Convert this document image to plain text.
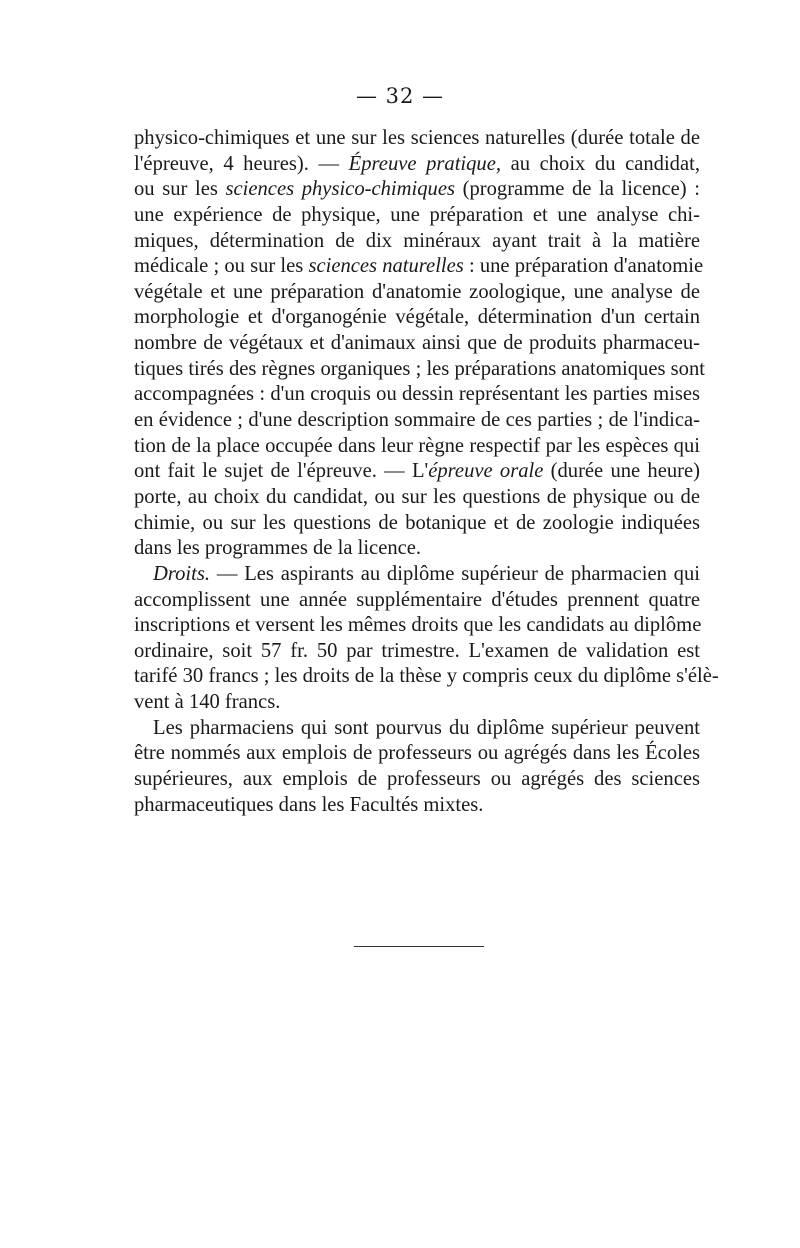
— 32 —
physico-chimiques et une sur les sciences naturelles (durée totale de
l'épreuve, 4 heures). — Épreuve pratique, au choix du candidat,
ou sur les sciences physico-chimiques (programme de la licence) :
une expérience de physique, une préparation et une analyse chi-
miques, détermination de dix minéraux ayant trait à la matière
médicale ; ou sur les sciences naturelles : une préparation d'anatomie
végétale et une préparation d'anatomie zoologique, une analyse de
morphologie et d'organogénie végétale, détermination d'un certain
nombre de végétaux et d'animaux ainsi que de produits pharmaceu-
tiques tirés des règnes organiques ; les préparations anatomiques sont
accompagnées : d'un croquis ou dessin représentant les parties mises
en évidence ; d'une description sommaire de ces parties ; de l'indica-
tion de la place occupée dans leur règne respectif par les espèces qui
ont fait le sujet de l'épreuve. — L'épreuve orale (durée une heure)
porte, au choix du candidat, ou sur les questions de physique ou de
chimie, ou sur les questions de botanique et de zoologie indiquées
dans les programmes de la licence.
Droits. — Les aspirants au diplôme supérieur de pharmacien qui
accomplissent une année supplémentaire d'études prennent quatre
inscriptions et versent les mêmes droits que les candidats au diplôme
ordinaire, soit 57 fr. 50 par trimestre. L'examen de validation est
tarifé 30 francs ; les droits de la thèse y compris ceux du diplôme s'élè-
vent à 140 francs.
Les pharmaciens qui sont pourvus du diplôme supérieur peuvent
être nommés aux emplois de professeurs ou agrégés dans les Écoles
supérieures, aux emplois de professeurs ou agrégés des sciences
pharmaceutiques dans les Facultés mixtes.
